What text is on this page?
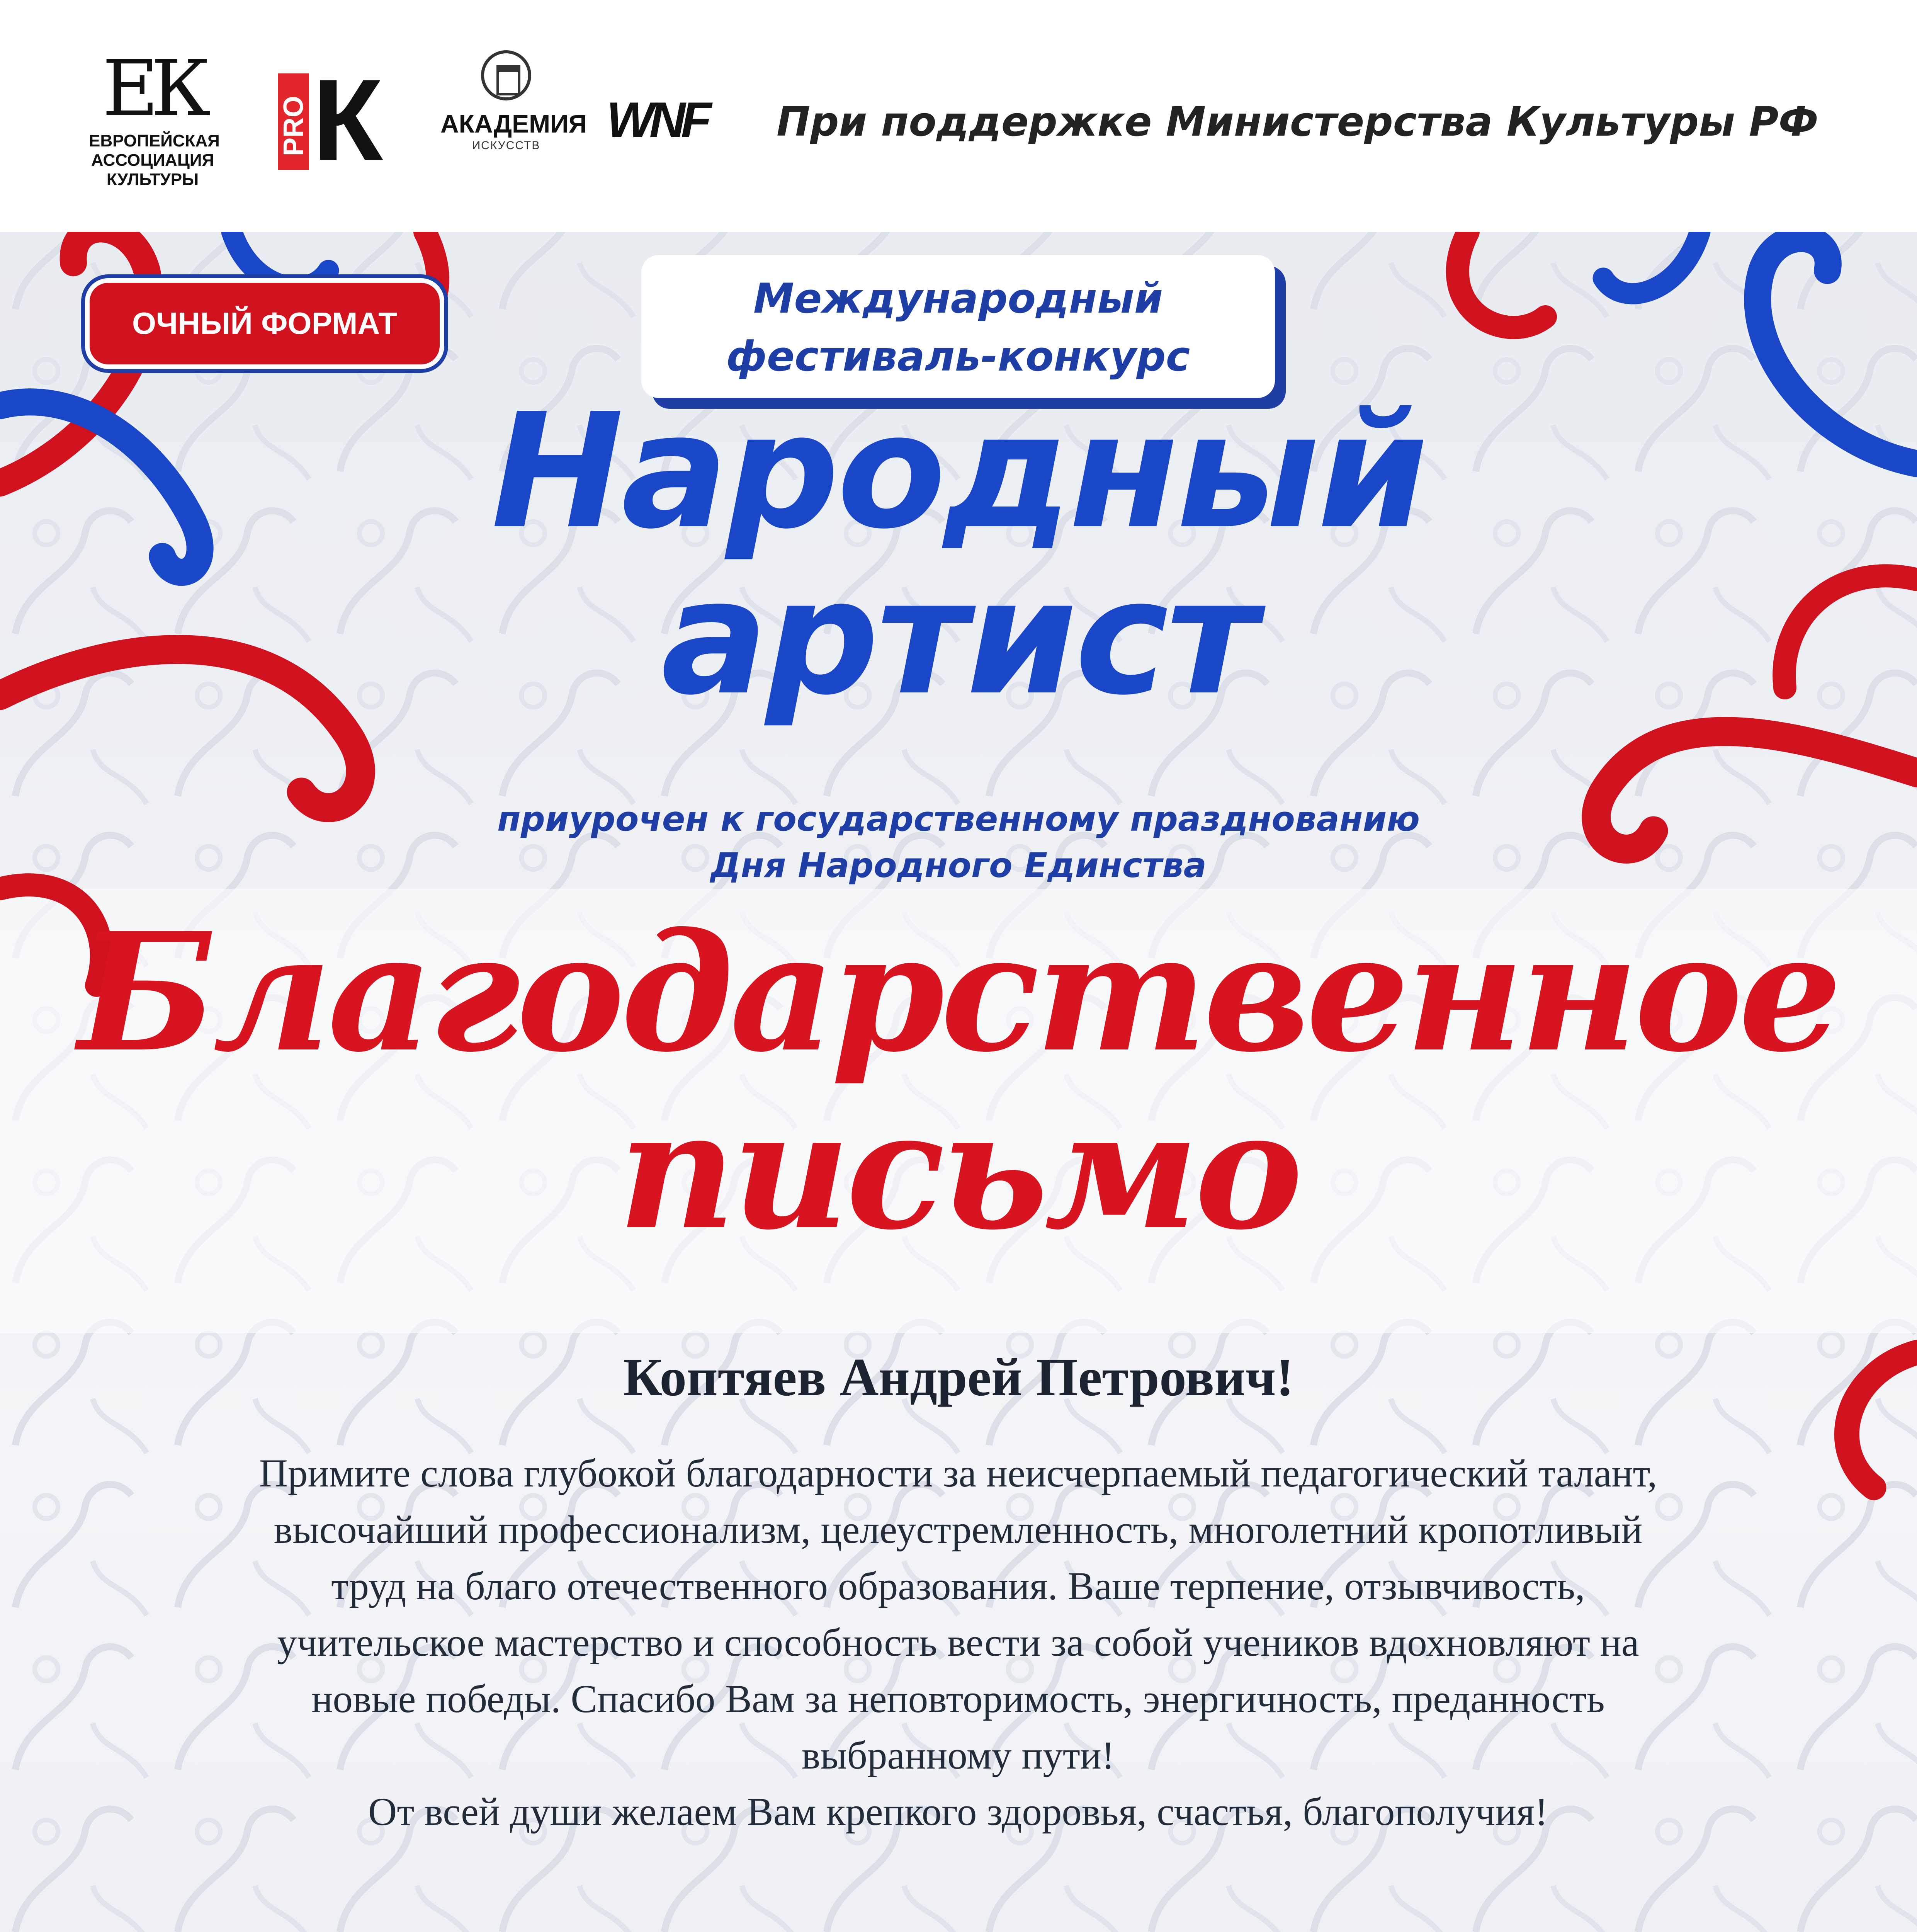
ЕК
ЕВРОПЕЙСКАЯ
АССОЦИАЦИЯ
КУЛЬТУРЫ
PRO К АКАДЕМИЯ
ИСКУССТВ	WNF	При поддержке Министерства Культуры РФ
ОЧНЫЙ ФОРМАТ
Международный
фестиваль-конкурс
Народный
артист
приурочен к государственному празднованию
Дня Народного Единства
Благодарственное
письмо
Коптяев Андрей Петрович!

Примите слова глубокой благодарности за неисчерпаемый педагогический талант,

высочайший профессионализм, целеустремленность, многолетний кропотливый

труд на благо отечественного образования. Ваше терпение, отзывчивость,

учительское мастерство и способность вести за собой учеников вдохновляют на

новые победы. Спасибо Вам за неповторимость, энергичность, преданность

выбранному пути!

От всей души желаем Вам крепкого здоровья, счастья, благополучия!
